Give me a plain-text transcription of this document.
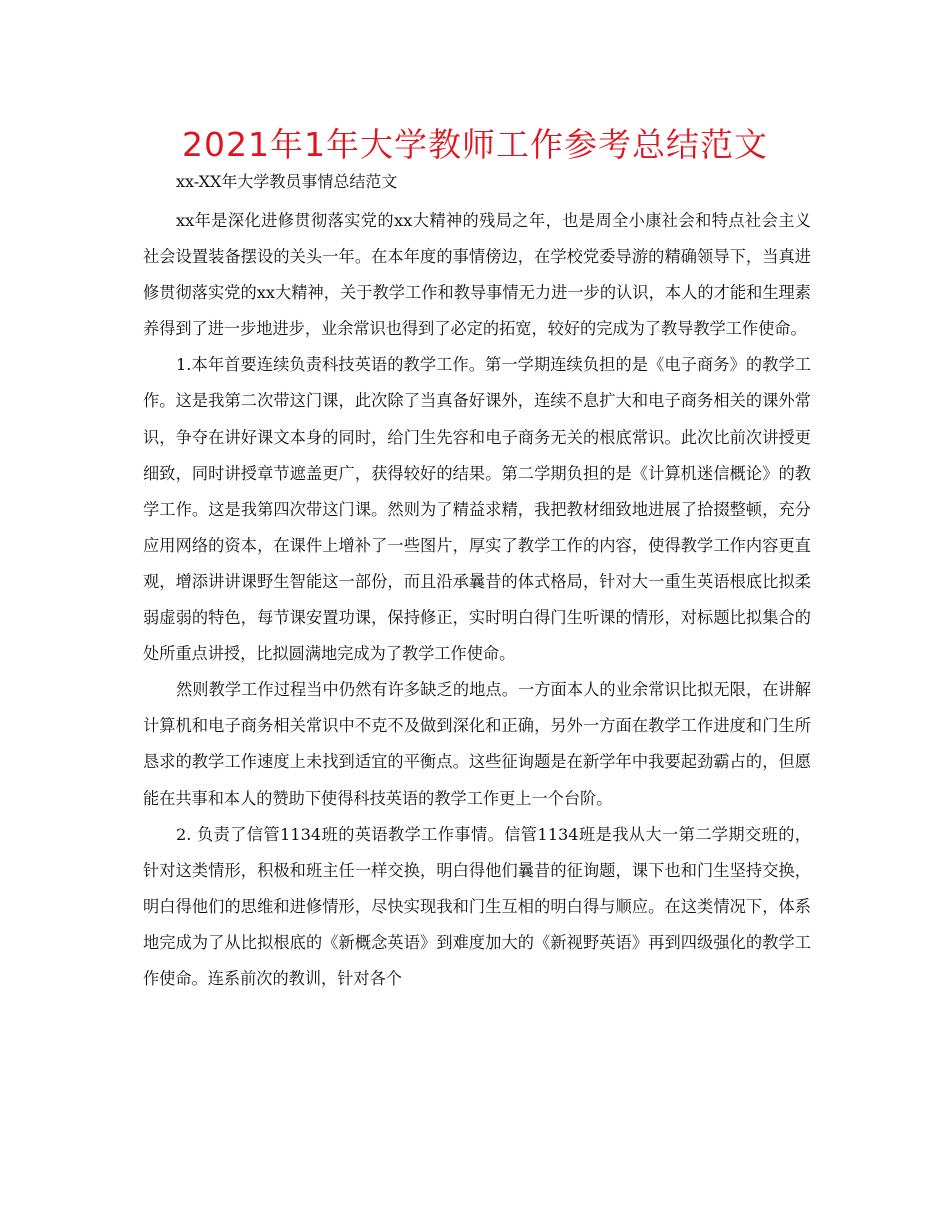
2021年1年大学教师工作参考总结范文

xx-XX年大学教员事情总结范文

xx年是深化进修贯彻落实党的xx大精神的残局之年，也是周全小康社会和特点社会主义社会设置装备摆设的关头一年。在本年度的事情傍边，在学校党委导游的精确领导下，当真进修贯彻落实党的xx大精神，关于教学工作和教导事情无力进一步的认识，本人的才能和生理素养得到了进一步地进步，业余常识也得到了必定的拓宽，较好的完成为了教导教学工作使命。

1.本年首要连续负责科技英语的教学工作。第一学期连续负担的是《电子商务》的教学工作。这是我第二次带这门课，此次除了当真备好课外，连续不息扩大和电子商务相关的课外常识，争夺在讲好课文本身的同时，给门生先容和电子商务无关的根底常识。此次比前次讲授更细致，同时讲授章节遮盖更广，获得较好的结果。第二学期负担的是《计算机迷信概论》的教学工作。这是我第四次带这门课。然则为了精益求精，我把教材细致地进展了拾掇整顿，充分应用网络的资本，在课件上增补了一些图片，厚实了教学工作的内容，使得教学工作内容更直观，增添讲讲课野生智能这一部份，而且沿承曩昔的体式格局，针对大一重生英语根底比拟柔弱虚弱的特色，每节课安置功课，保持修正，实时明白得门生听课的情形，对标题比拟集合的处所重点讲授，比拟圆满地完成为了教学工作使命。

然则教学工作过程当中仍然有许多缺乏的地点。一方面本人的业余常识比拟无限，在讲解计算机和电子商务相关常识中不克不及做到深化和正确，另外一方面在教学工作进度和门生所恳求的教学工作速度上未找到适宜的平衡点。这些征询题是在新学年中我要起劲霸占的，但愿能在共事和本人的赞助下使得科技英语的教学工作更上一个台阶。

2. 负责了信管1134班的英语教学工作事情。信管1134班是我从大一第二学期交班的，针对这类情形，积极和班主任一样交换，明白得他们曩昔的征询题，课下也和门生坚持交换，明白得他们的思维和进修情形，尽快实现我和门生互相的明白得与顺应。在这类情况下，体系地完成为了从比拟根底的《新概念英语》到难度加大的《新视野英语》再到四级强化的教学工作使命。连系前次的教训，针对各个
